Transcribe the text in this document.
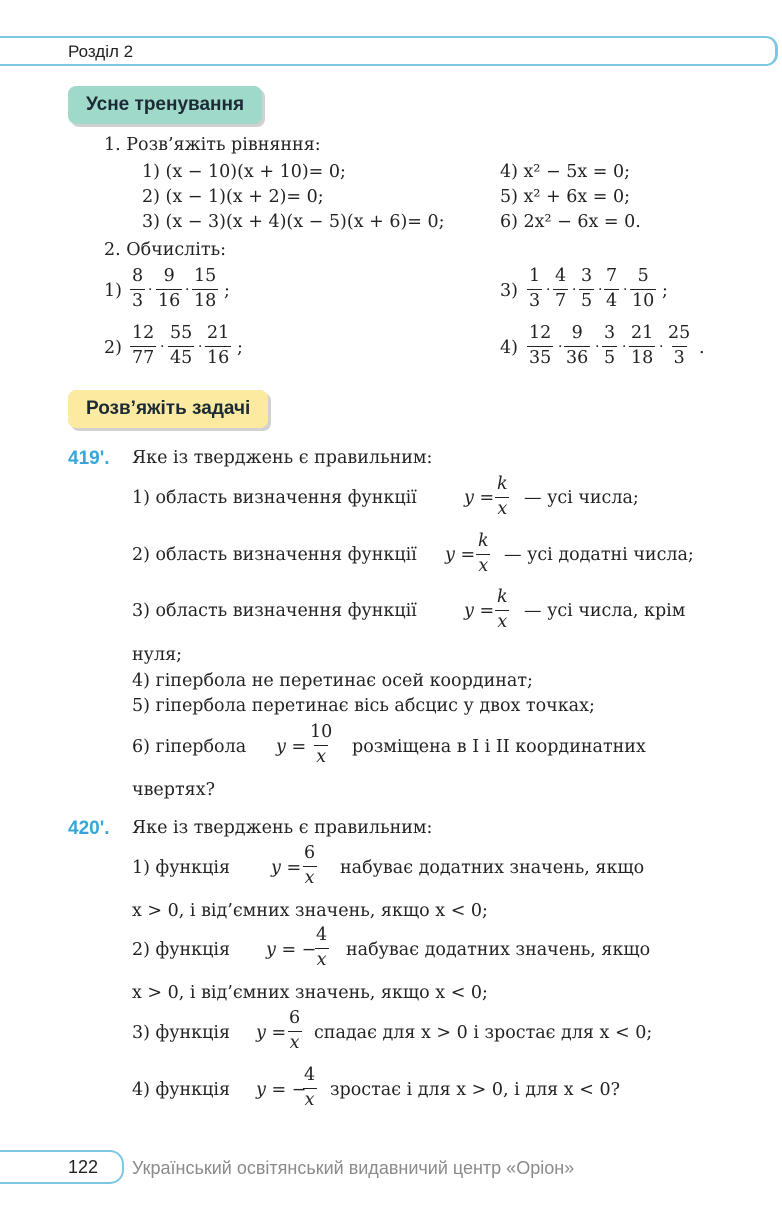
Розділ 2
Усне тренування
1. Розв’яжіть рівняння:
1) (x − 10)(x + 10)= 0;
2) (x − 1)(x + 2)= 0;
3) (x − 3)(x + 4)(x − 5)(x + 6)= 0;
4) x² − 5x = 0;
5) x² + 6x = 0;
6) 2x² − 6x = 0.
2. Обчисліть:
$1) \frac{8}{3} \cdot \frac{9}{16} \cdot \frac{15}{18}$ ;
$2) \frac{12}{77} \cdot \frac{55}{45} \cdot \frac{21}{16}$ ;
$3) \frac{1}{3} \cdot \frac{4}{7} \cdot \frac{3}{5} \cdot \frac{7}{4} \cdot \frac{5}{10}$ ;
$4) \frac{12}{35} \cdot \frac{9}{36} \cdot \frac{3}{5} \cdot \frac{21}{18} \cdot \frac{25}{3}$ .
Розв’яжіть задачі
419'. Яке із тверджень є правильним:
1) область визначення функції	$y = \frac{k}{x}$ — усі числа;
2) область визначення функції $y = \frac{k}{x}$ — усі додатні числа;
3) область визначення функції	$y = \frac{k}{x}$ — усі числа, крім
нуля;
4) гіпербола не перетинає осей координат;
5) гіпербола перетинає вісь абсцис у двох точках;
6) гіпербола $y = \frac{10}{x}$ розміщена в І і ІІ координатних
чвертях?
420'. Яке із тверджень є правильним:
1) функція $y = \frac{6}{x}$ набуває додатних значень, якщо
x > 0, і від’ємних значень, якщо x < 0;
2) функція y = −
$\frac{4}{x}$ набуває додатних значень, якщо
x > 0, і від’ємних значень, якщо x < 0;
3) функція $y = \frac{6}{x}$ спадає для x > 0 і зростає для x < 0;
4) функція y = −
$\frac{4}{x}$ зростає і для x > 0, і для x < 0?
122 Український освітянський видавничий центр «Оріон»
